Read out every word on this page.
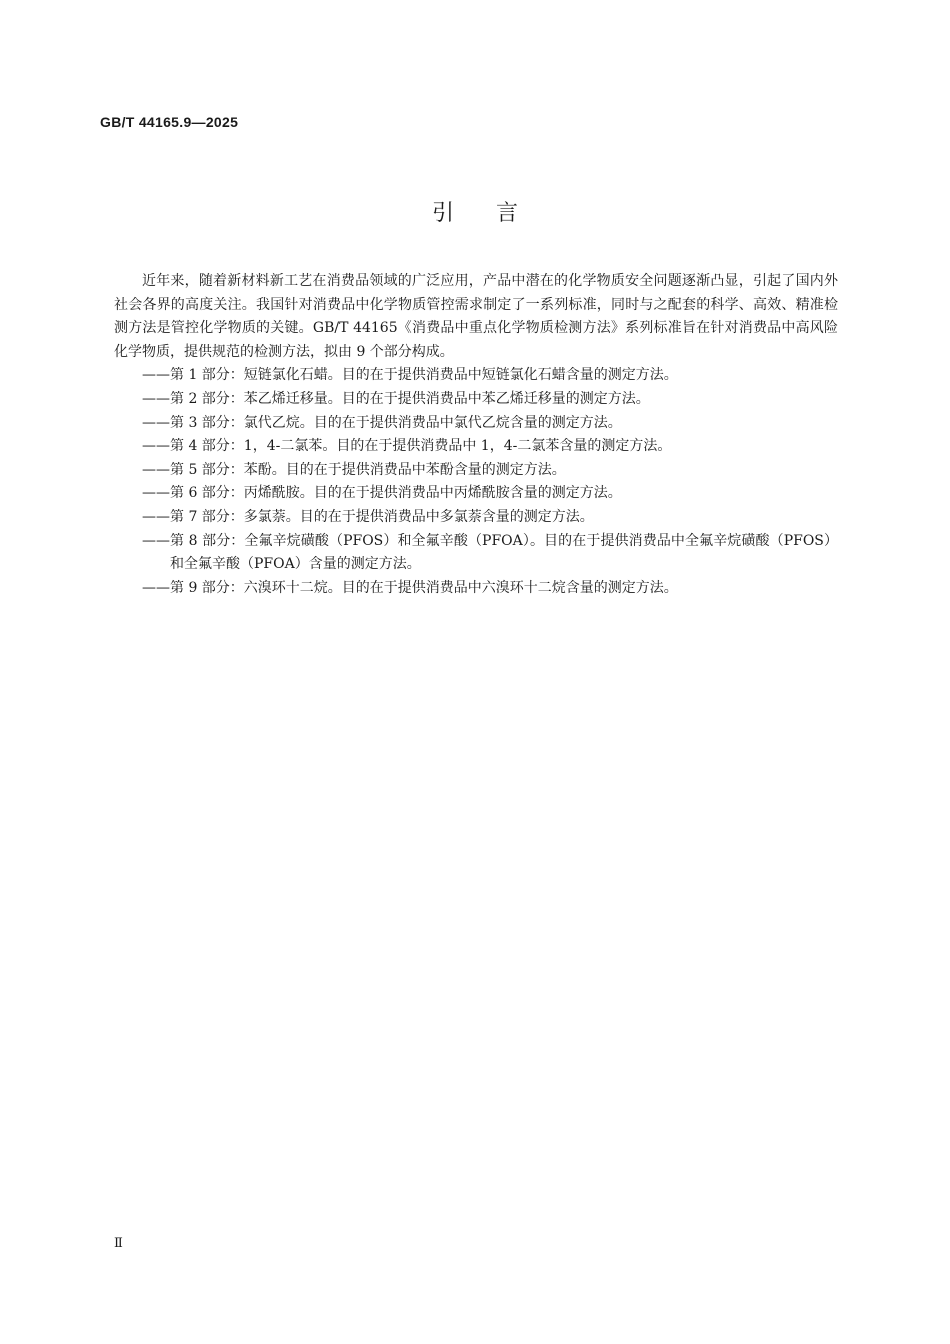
GB/T 44165.9—2025
引言

近年来，随着新材料新工艺在消费品领域的广泛应用，产品中潜在的化学物质安全问题逐渐凸显，引起了国内外社会各界的高度关注。我国针对消费品中化学物质管控需求制定了一系列标准，同时与之配套的科学、高效、精准检测方法是管控化学物质的关键。GB/T 44165《消费品中重点化学物质检测方法》系列标准旨在针对消费品中高风险化学物质，提供规范的检测方法，拟由 9 个部分构成。

—— 第 1 部分：短链氯化石蜡。目的在于提供消费品中短链氯化石蜡含量的测定方法。
—— 第 2 部分：苯乙烯迁移量。目的在于提供消费品中苯乙烯迁移量的测定方法。
—— 第 3 部分：氯代乙烷。目的在于提供消费品中氯代乙烷含量的测定方法。
—— 第 4 部分：1，4-二氯苯。目的在于提供消费品中 1，4-二氯苯含量的测定方法。
—— 第 5 部分：苯酚。目的在于提供消费品中苯酚含量的测定方法。
—— 第 6 部分：丙烯酰胺。目的在于提供消费品中丙烯酰胺含量的测定方法。
—— 第 7 部分：多氯萘。目的在于提供消费品中多氯萘含量的测定方法。
—— 第 8 部分：全氟辛烷磺酸（PFOS）和全氟辛酸（PFOA）。目的在于提供消费品中全氟辛烷磺酸（PFOS）和全氟辛酸（PFOA）含量的测定方法。
—— 第 9 部分：六溴环十二烷。目的在于提供消费品中六溴环十二烷含量的测定方法。
Ⅱ
